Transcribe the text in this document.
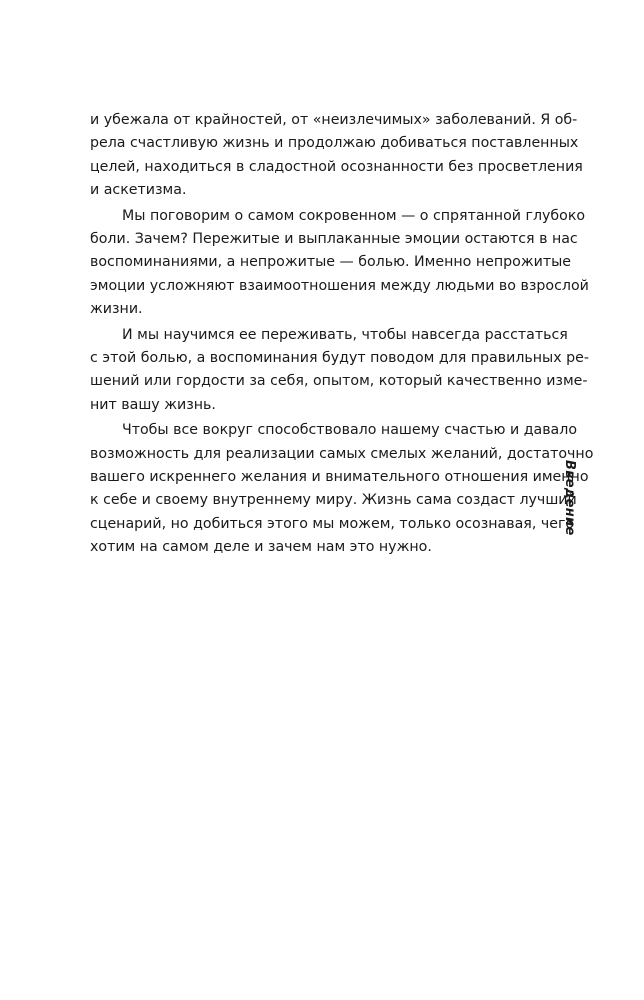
и убежала от крайностей, от «неизлечимых» заболеваний. Я об-
рела счастливую жизнь и продолжаю добиваться поставленных
целей, находиться в сладостной осознанности без просветления
и аскетизма.
Мы поговорим о самом сокровенном — о спрятанной глубоко
боли. Зачем? Пережитые и выплаканные эмоции остаются в нас
воспоминаниями, а непрожитые — болью. Именно непрожитые
эмоции усложняют взаимоотношения между людьми во взрослой
жизни.
И мы научимся ее переживать, чтобы навсегда расстаться
с этой болью, а воспоминания будут поводом для правильных ре-
шений или гордости за себя, опытом, который качественно изме-
нит вашу жизнь.
Чтобы все вокруг способствовало нашему счастью и давало
возможность для реализации самых смелых желаний, достаточно
вашего искреннего желания и внимательного отношения именно
к себе и своему внутреннему миру. Жизнь сама создаст лучший
сценарий, но добиться этого мы можем, только осознавая, чего
хотим на самом деле и зачем нам это нужно.
Введение
